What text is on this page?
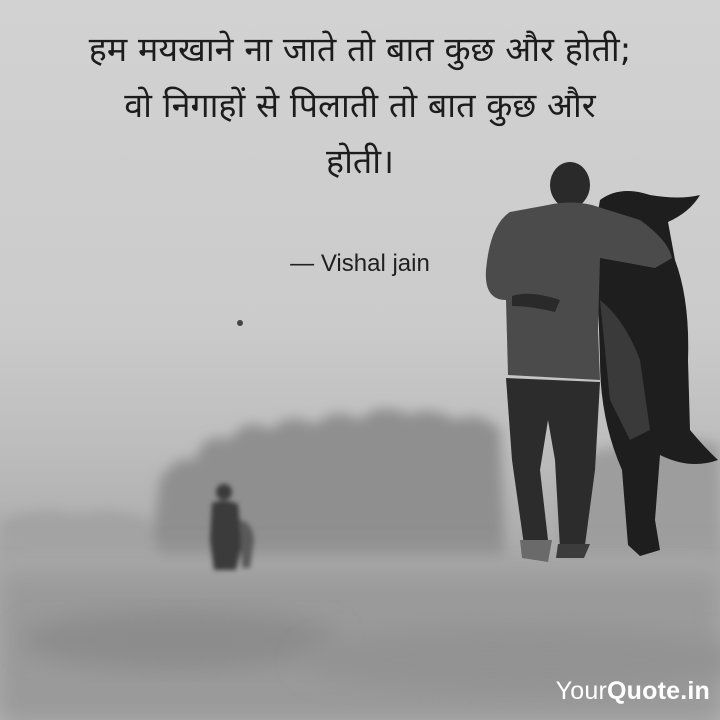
हम मयखाने ना जाते तो बात कुछ और होती;
वो निगाहों से पिलाती तो बात कुछ और
होती।
— Vishal jain
Your Q uote.in
